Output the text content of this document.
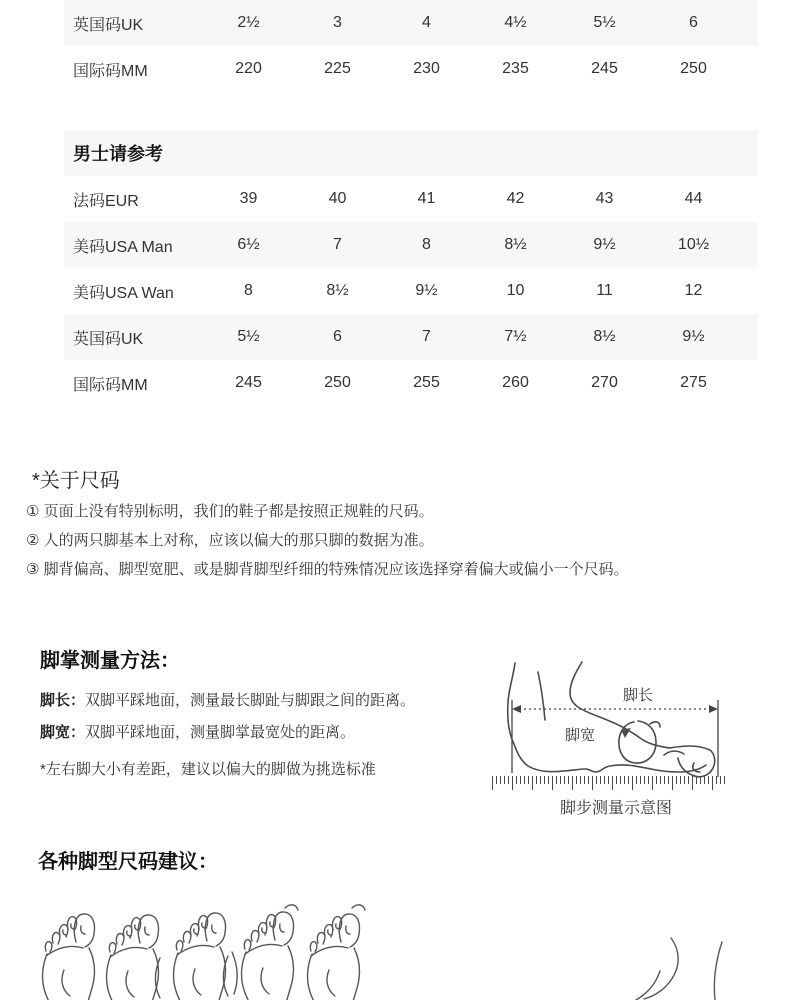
英国码UK	2½	3	4	4½	5½	6
国际码MM	220	225	230	235	245	250
男士请参考
法码EUR	39	40	41	42	43	44
美码USA Man	6½	7	8	8½	9½	10½
美码USA Wan	8	8½	9½	10	11	12
英国码UK	5½	6	7	7½	8½	9½
国际码MM	245	250	255	260	270	275
*关于尺码
① 页面上没有特别标明，我们的鞋子都是按照正规鞋的尺码。
② 人的两只脚基本上对称，应该以偏大的那只脚的数据为准。
③ 脚背偏高、脚型宽肥、或是脚背脚型纤细的特殊情况应该选择穿着偏大或偏小一个尺码。
脚掌测量方法：
脚长：双脚平踩地面，测量最长脚趾与脚跟之间的距离。
脚宽：双脚平踩地面，测量脚掌最宽处的距离。
*左右脚大小有差距，建议以偏大的脚做为挑选标准
脚长
脚宽
脚步测量示意图
各种脚型尺码建议：
